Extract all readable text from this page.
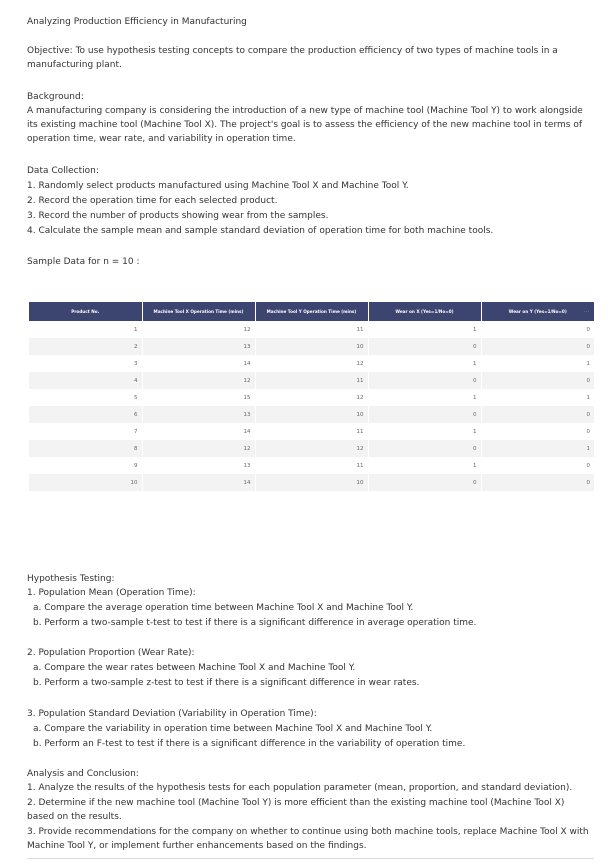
Analyzing Production Efficiency in Manufacturing

Objective: To use hypothesis testing concepts to compare the production efficiency of two types of machine tools in a manufacturing plant.

Background:

A manufacturing company is considering the introduction of a new type of machine tool (Machine Tool Y) to work alongside its existing machine tool (Machine Tool X). The project's goal is to assess the efficiency of the new machine tool in terms of operation time, wear rate, and variability in operation time.

Data Collection:

1. Randomly select products manufactured using Machine Tool X and Machine Tool Y.

2. Record the operation time for each selected product.

3. Record the number of products showing wear from the samples.

4. Calculate the sample mean and sample standard deviation of operation time for both machine tools.

Sample Data for n = 10 :

Product No.	Machine Tool X Operation Time (mins)	Machine Tool Y Operation Time (mins)	Wear on X (Yes=1/No=0)	Wear on Y (Yes=1/No=0)
1	12	11	1	0
2	13	10	0	0
3	14	12	1	1
4	12	11	0	0
5	15	12	1	1
6	13	10	0	0
7	14	11	1	0
8	12	12	0	1
9	13	11	1	0
10	14	10	0	0
...

Hypothesis Testing:

1. Population Mean (Operation Time):

a. Compare the average operation time between Machine Tool X and Machine Tool Y.

b. Perform a two-sample t-test to test if there is a significant difference in average operation time.

2. Population Proportion (Wear Rate):

a. Compare the wear rates between Machine Tool X and Machine Tool Y.

b. Perform a two-sample z-test to test if there is a significant difference in wear rates.

3. Population Standard Deviation (Variability in Operation Time):

a. Compare the variability in operation time between Machine Tool X and Machine Tool Y.

b. Perform an F-test to test if there is a significant difference in the variability of operation time.

Analysis and Conclusion:

1. Analyze the results of the hypothesis tests for each population parameter (mean, proportion, and standard deviation).

2. Determine if the new machine tool (Machine Tool Y) is more efficient than the existing machine tool (Machine Tool X) based on the results.

3. Provide recommendations for the company on whether to continue using both machine tools, replace Machine Tool X with Machine Tool Y, or implement further enhancements based on the findings.
